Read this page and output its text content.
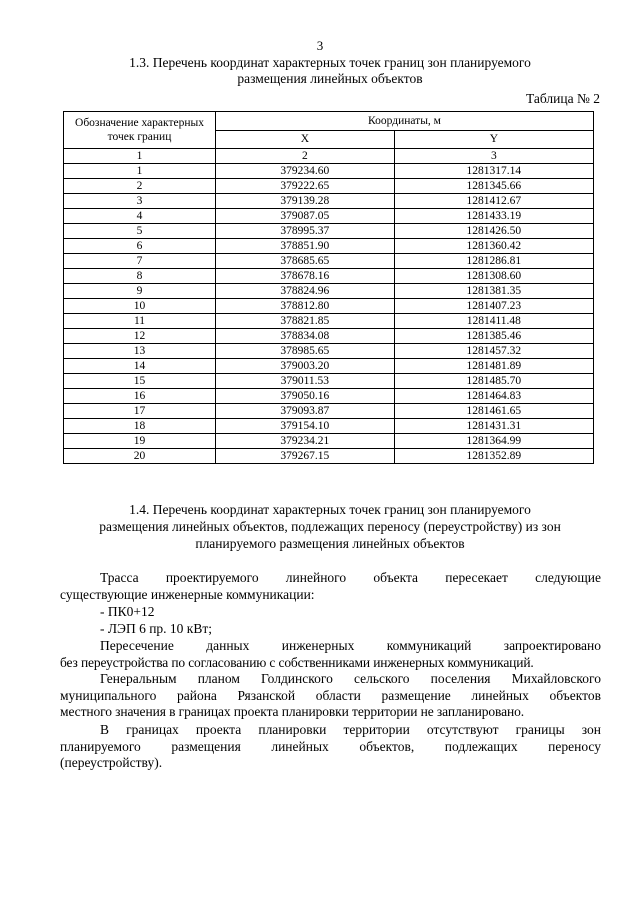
3
1.3. Перечень координат характерных точек границ зон планируемого
размещения линейных объектов
Таблица № 2
Обозначение характерных точек границ	Координаты, м	
	X	Y
1	2	3
1	379234.60	1281317.14
2	379222.65	1281345.66
3	379139.28	1281412.67
4	379087.05	1281433.19
5	378995.37	1281426.50
6	378851.90	1281360.42
7	378685.65	1281286.81
8	378678.16	1281308.60
9	378824.96	1281381.35
10	378812.80	1281407.23
11	378821.85	1281411.48
12	378834.08	1281385.46
13	378985.65	1281457.32
14	379003.20	1281481.89
15	379011.53	1281485.70
16	379050.16	1281464.83
17	379093.87	1281461.65
18	379154.10	1281431.31
19	379234.21	1281364.99
20	379267.15	1281352.89
1.4. Перечень координат характерных точек границ зон планируемого
размещения линейных объектов, подлежащих переносу (переустройству) из зон
планируемого размещения линейных объектов
Трасса проектируемого линейного объекта пересекает следующие
существующие инженерные коммуникации:
- ПК0+12
- ЛЭП 6 пр. 10 кВт;
Пересечение данных инженерных коммуникаций запроектировано
без переустройства по согласованию с собственниками инженерных коммуникаций.
Генеральным планом Голдинского сельского поселения Михайловского
муниципального района Рязанской области размещение линейных объектов
местного значения в границах проекта планировки территории не запланировано.
В границах проекта планировки территории отсутствуют границы зон
планируемого размещения линейных объектов, подлежащих переносу
(переустройству).
